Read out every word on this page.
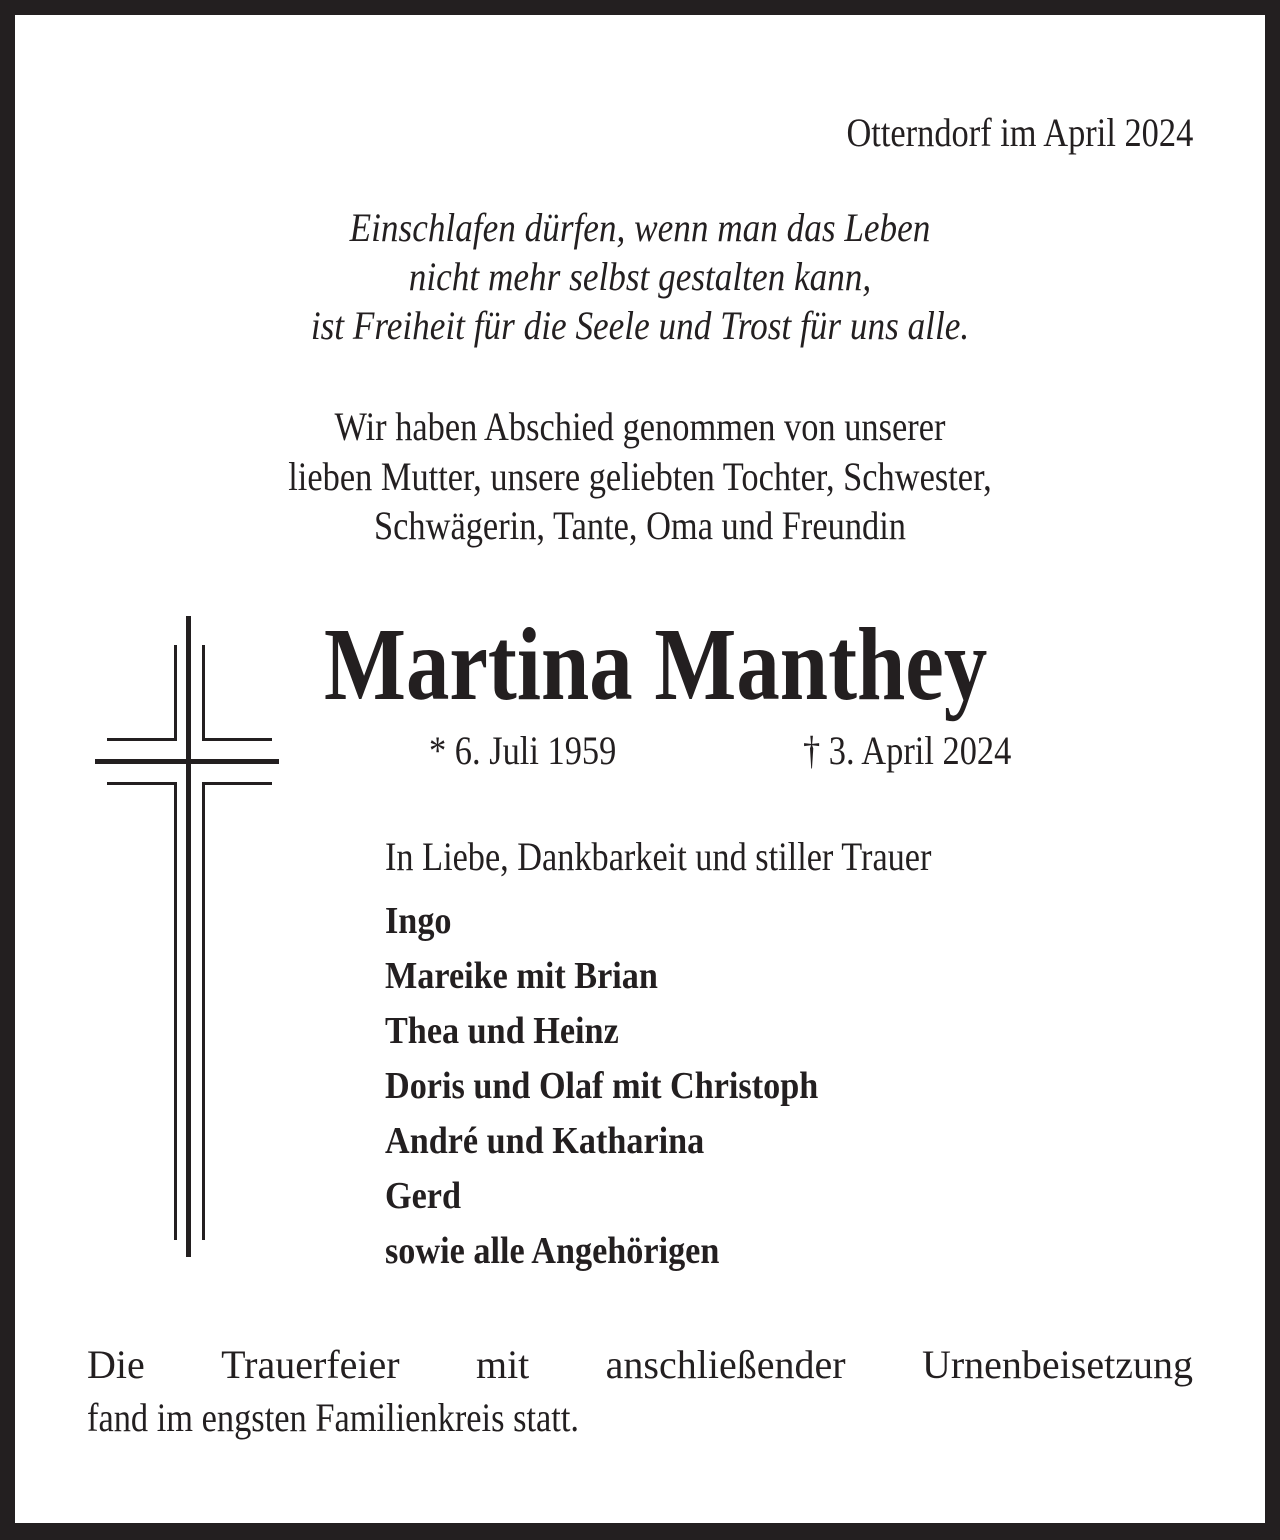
Otterndorf im April 2024
Einschlafen dürfen, wenn man das Leben
nicht mehr selbst gestalten kann,
ist Freiheit für die Seele und Trost für uns alle.
Wir haben Abschied genommen von unserer
lieben Mutter, unsere geliebten Tochter, Schwester,
Schwägerin, Tante, Oma und Freundin
Martina Manthey
* 6. Juli 1959	† 3. April 2024
In Liebe, Dankbarkeit und stiller Trauer
Ingo
Mareike mit Brian
Thea und Heinz
Doris und Olaf mit Christoph
André und Katharina
Gerd
sowie alle Angehörigen
Die Trauerfeier mit anschließender Urnenbeisetzung
fand im engsten Familienkreis statt.
